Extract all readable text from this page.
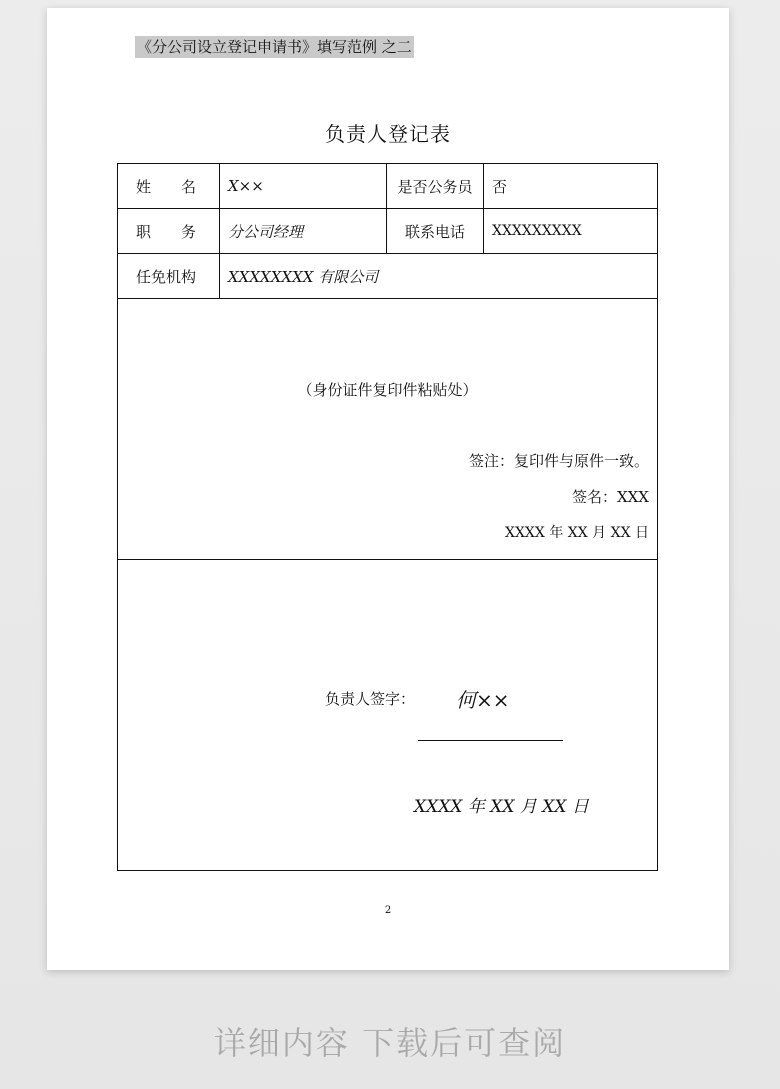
《分公司设立登记申请书》填写范例 之二
负责人登记表
姓 名	X××	是否公务员	否

职 务	分公司经理	联系电话	XXXXXXXXX
任免机构	XXXXXXXX 有限公司		

（身份证件复印件粘贴处）
签注：复印件与原件一致。
签名：XXX
XXXX 年 XX 月 XX 日			

负责人签字： 何××
XXXX 年 XX 月 XX 日			
2
详细内容 下载后可查阅
